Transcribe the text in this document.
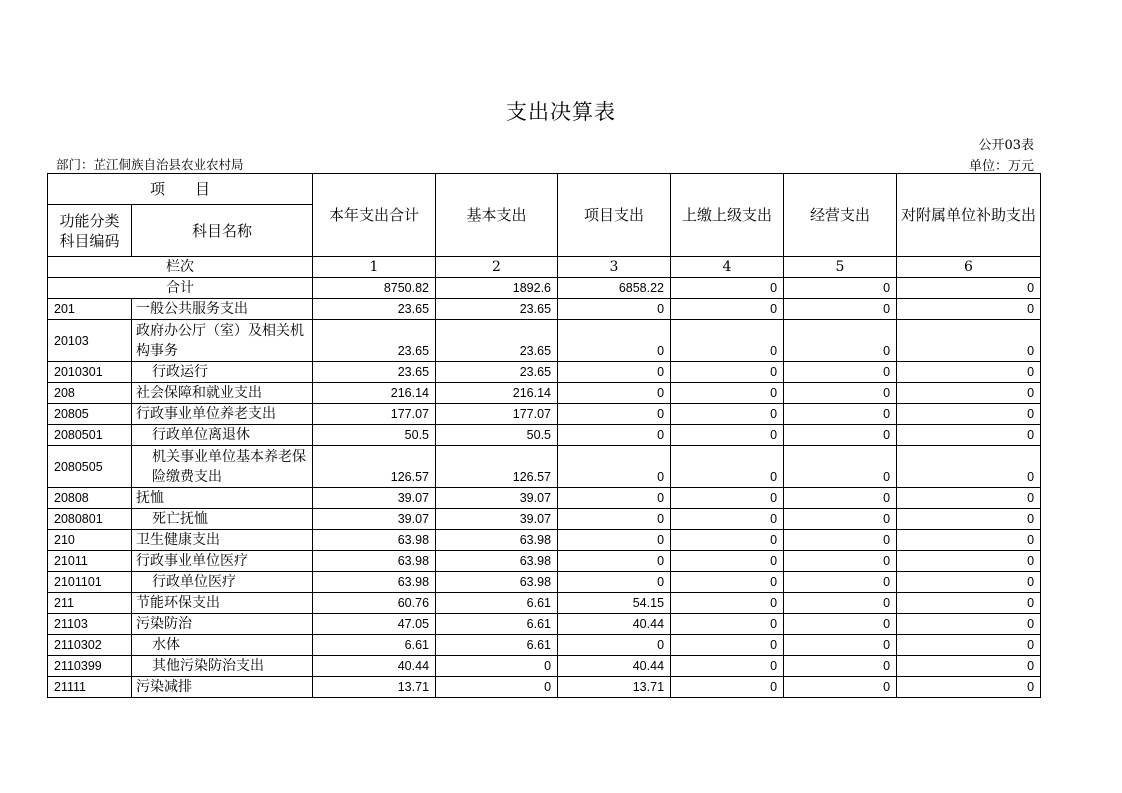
支出决算表
公开03表
部门：芷江侗族自治县农业农村局	单位：万元
项　　目		本年支出合计	基本支出	项目支出	上缴上级支出	经营支出	对附属单位补助支出
功能分类科目编码	科目名称						
栏次		1	2	3	4	5	6
合计		8750.82	1892.6	6858.22	0	0	0
201	一般公共服务支出	23.65	23.65	0	0	0	0
20103	政府办公厅（室）及相关机构事务	23.65	23.65	0	0	0	0
2010301	行政运行	23.65	23.65	0	0	0	0
208	社会保障和就业支出	216.14	216.14	0	0	0	0
20805	行政事业单位养老支出	177.07	177.07	0	0	0	0
2080501	行政单位离退休	50.5	50.5	0	0	0	0
2080505	机关事业单位基本养老保险缴费支出	126.57	126.57	0	0	0	0
20808	抚恤	39.07	39.07	0	0	0	0
2080801	死亡抚恤	39.07	39.07	0	0	0	0
210	卫生健康支出	63.98	63.98	0	0	0	0
21011	行政事业单位医疗	63.98	63.98	0	0	0	0
2101101	行政单位医疗	63.98	63.98	0	0	0	0
211	节能环保支出	60.76	6.61	54.15	0	0	0
21103	污染防治	47.05	6.61	40.44	0	0	0
2110302	水体	6.61	6.61	0	0	0	0
2110399	其他污染防治支出	40.44	0	40.44	0	0	0
21111	污染减排	13.71	0	13.71	0	0	0
